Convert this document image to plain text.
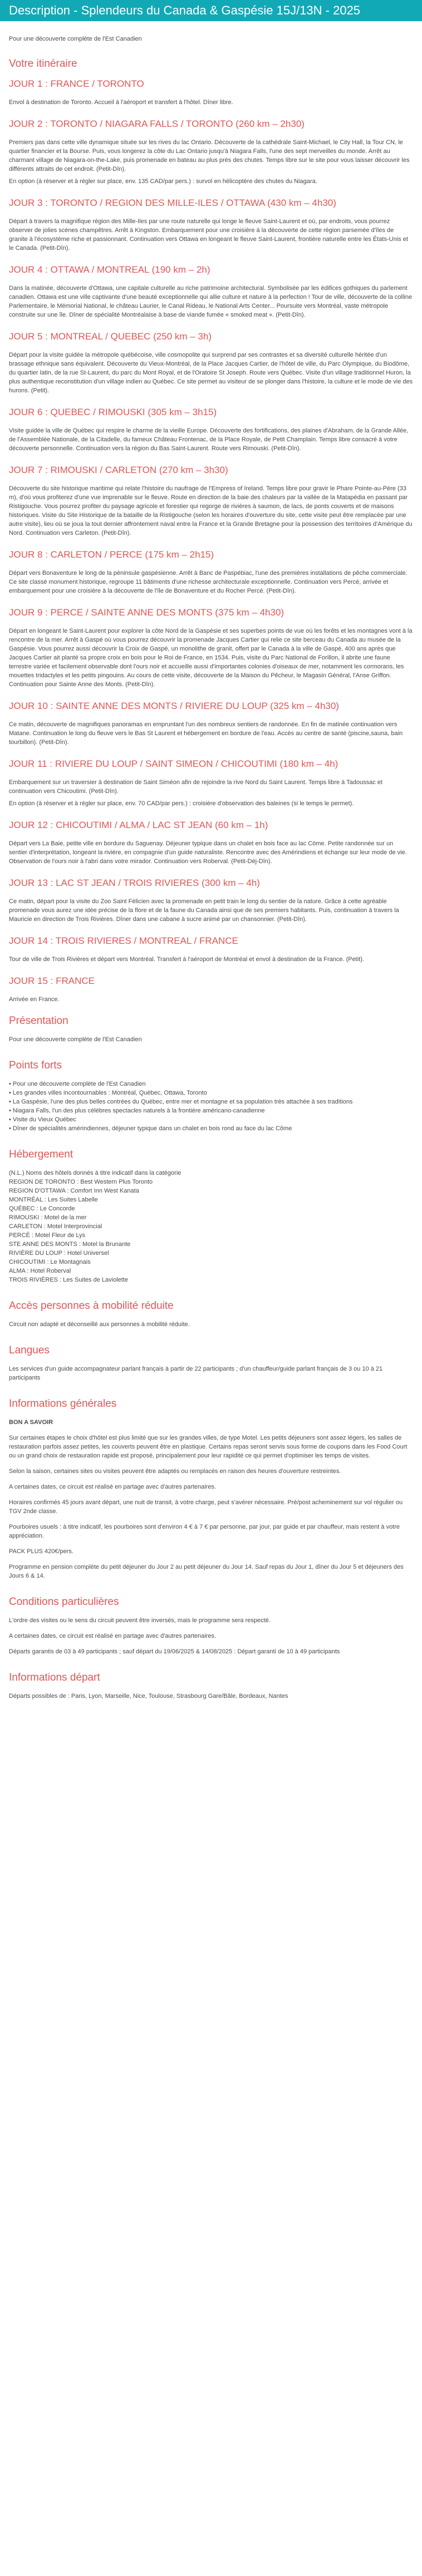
Description - Splendeurs du Canada & Gaspésie 15J/13N - 2025

Pour une découverte complète de l'Est Canadien

Votre itinéraire
JOUR 1 : FRANCE / TORONTO

Envol à destination de Toronto. Accueil à l'aéroport et transfert à l'hôtel. Dîner libre.

JOUR 2 : TORONTO / NIAGARA FALLS / TORONTO (260 km – 2h30)

Premiers pas dans cette ville dynamique située sur les rives du lac Ontario. Découverte de la cathédrale Saint-Michael, le City Hall, la Tour CN, le quartier financier et la Bourse. Puis, vous longerez la côte du Lac Ontario jusqu'à Niagara Falls, l'une des sept merveilles du monde. Arrêt au charmant village de Niagara-on-the-Lake, puis promenade en bateau au plus près des chutes. Temps libre sur le site pour vous laisser découvrir les différents attraits de cet endroit. (Petit-Dîn).

En option (à réserver et à régler sur place, env. 135 CAD/par pers.) : survol en hélicoptère des chutes du Niagara.

JOUR 3 : TORONTO / REGION DES MILLE-ILES / OTTAWA (430 km – 4h30)

Départ à travers la magnifique région des Mille-Iles par une route naturelle qui longe le fleuve Saint-Laurent et où, par endroits, vous pourrez observer de jolies scènes champêtres. Arrêt à Kingston. Embarquement pour une croisière à la découverte de cette région parsemée d'îles de granite à l'écosystème riche et passionnant. Continuation vers Ottawa en longeant le fleuve Saint-Laurent, frontière naturelle entre les États-Unis et le Canada. (Petit-Dîn).

JOUR 4 : OTTAWA / MONTREAL (190 km – 2h)

Dans la matinée, découverte d'Ottawa, une capitale culturelle au riche patrimoine architectural. Symbolisée par les édifices gothiques du parlement canadien. Ottawa est une ville captivante d'une beauté exceptionnelle qui allie culture et nature à la perfection ! Tour de ville, découverte de la colline Parlementaire, le Mémorial National, le château Laurier, le Canal Rideau, le National Arts Center... Poursuite vers Montréal, vaste métropole construite sur une île. Dîner de spécialité Montréalaise à base de viande fumée « smoked meat ». (Petit-Dîn).

JOUR 5 : MONTREAL / QUEBEC (250 km – 3h)

Départ pour la visite guidée la métropole québécoise, ville cosmopolite qui surprend par ses contrastes et sa diversité culturelle héritée d'un brassage ethnique sans équivalent. Découverte du Vieux-Montréal, de la Place Jacques Cartier, de l'hôtel de ville, du Parc Olympique, du Biodôme, du quartier latin, de la rue St-Laurent, du parc du Mont Royal, et de l'Oratoire St Joseph. Route vers Québec. Visite d'un village traditionnel Huron, la plus authentique reconstitution d'un village indien au Québec. Ce site permet au visiteur de se plonger dans l'histoire, la culture et le mode de vie des hurons. (Petit).

JOUR 6 : QUEBEC / RIMOUSKI (305 km – 3h15)

Visite guidée la ville de Québec qui respire le charme de la vieille Europe. Découverte des fortifications, des plaines d'Abraham, de la Grande Allée, de l'Assemblée Nationale, de la Citadelle, du fameux Château Frontenac, de la Place Royale, de Petit Champlain. Temps libre consacré à votre découverte personnelle. Continuation vers la région du Bas Saint-Laurent. Route vers Rimouski. (Petit-Dîn).

JOUR 7 : RIMOUSKI / CARLETON (270 km – 3h30)

Découverte du site historique maritime qui relate l'histoire du naufrage de l'Empress of Ireland. Temps libre pour gravir le Phare Pointe-au-Père (33 m), d'où vous profiterez d'une vue imprenable sur le fleuve. Route en direction de la baie des chaleurs par la vallée de la Matapédia en passant par Ristigouche. Vous pourrez profiter du paysage agricole et forestier qui regorge de rivières à saumon, de lacs, de ponts couverts et de maisons historiques. Visite du Site Historique de la bataille de la Ristigouche (selon les horaires d'ouverture du site, cette visite peut être remplacée par une autre visite), lieu où se joua la tout dernier affrontement naval entre la France et la Grande Bretagne pour la possession des territoires d'Amérique du Nord. Continuation vers Carleton. (Petit-Dîn).

JOUR 8 : CARLETON / PERCE (175 km – 2h15)

Départ vers Bonaventure le long de la péninsule gaspésienne. Arrêt à Banc de Paspébiac, l'une des premières installations de pêche commerciale. Ce site classé monument historique, regroupe 11 bâtiments d'une richesse architecturale exceptionnelle. Continuation vers Percé, arrivée et embarquement pour une croisière à la découverte de l'île de Bonaventure et du Rocher Percé. (Petit-Dîn).

JOUR 9 : PERCE / SAINTE ANNE DES MONTS (375 km – 4h30)

Départ en longeant le Saint-Laurent pour explorer la côte Nord de la Gaspésie et ses superbes points de vue où les forêts et les montagnes vont à la rencontre de la mer. Arrêt à Gaspé où vous pourrez découvrir la promenade Jacques Cartier qui relie ce site berceau du Canada au musée de la Gaspésie. Vous pourrez aussi découvrir la Croix de Gaspé, un monolithe de granit, offert par le Canada à la ville de Gaspé, 400 ans après que Jacques Cartier ait planté sa propre croix en bois pour le Roi de France, en 1534. Puis, visite du Parc National de Forillon, il abrite une faune terrestre variée et facilement observable dont l'ours noir et accueille aussi d'importantes colonies d'oiseaux de mer, notamment les cormorans, les mouettes tridactyles et les petits pingouins. Au cours de cette visite, découverte de la Maison du Pêcheur, le Magasin Général, l'Anse Griffon. Continuation pour Sainte Anne des Monts. (Petit-Dîn).

JOUR 10 : SAINTE ANNE DES MONTS / RIVIERE DU LOUP (325 km – 4h30)

Ce matin, découverte de magnifiques panoramas en empruntant l'un des nombreux sentiers de randonnée. En fin de matinée continuation vers Matane. Continuation le long du fleuve vers le Bas St Laurent et hébergement en bordure de l'eau. Accès au centre de santé (piscine,sauna, bain tourbillon). (Petit-Dîn).

JOUR 11 : RIVIERE DU LOUP / SAINT SIMEON / CHICOUTIMI (180 km – 4h)

Embarquement sur un traversier à destination de Saint Siméon afin de rejoindre la rive Nord du Saint Laurent. Temps libre à Tadoussac et continuation vers Chicoutimi. (Petit-Dîn).

En option (à réserver et à régler sur place, env. 70 CAD/par pers.) : croisière d'observation des baleines (si le temps le permet).

JOUR 12 : CHICOUTIMI / ALMA / LAC ST JEAN (60 km – 1h)

Départ vers La Baie, petite ville en bordure du Saguenay. Déjeuner typique dans un chalet en bois face au lac Cöme. Petite randonnée sur un sentier d'interprétation, longeant la rivière, en compagnie d'un guide naturaliste. Rencontre avec des Amérindiens et échange sur leur mode de vie. Observation de l'ours noir à l'abri dans votre mirador. Continuation vers Roberval. (Petit-Déj-Dîn).

JOUR 13 : LAC ST JEAN / TROIS RIVIERES (300 km – 4h)

Ce matin, départ pour la visite du Zoo Saint Félicien avec la promenade en petit train le long du sentier de la nature. Grâce à cette agréable promenade vous aurez une idée précise de la flore et de la faune du Canada ainsi que de ses premiers habitants. Puis, continuation à travers la Mauricie en direction de Trois Rivières. Dîner dans une cabane à sucre animé par un chansonnier. (Petit-Dîn).

JOUR 14 : TROIS RIVIERES / MONTREAL / FRANCE

Tour de ville de Trois Rivières et départ vers Montréal. Transfert à l'aéroport de Montréal et envol à destination de la France. (Petit).

JOUR 15 : FRANCE

Arrivée en France.

Présentation

Pour une découverte complète de l'Est Canadien

Points forts
• Pour une découverte complète de l'Est Canadien
• Les grandes villes incontournables : Montréal, Québec, Ottawa, Toronto
• La Gaspésie, l'une des plus belles contrées du Québec, entre mer et montagne et sa population très attachée à ses traditions
• Niagara Falls, l'un des plus célèbres spectacles naturels à la frontière américano-canadienne
• Visite du Vieux Québec
• Dîner de spécialités amérindiennes, déjeuner typique dans un chalet en bois rond au face du lac Côme
Hébergement

(N.L.) Noms des hôtels donnés à titre indicatif dans la catégorie

REGION DE TORONTO : Best Western Plus Toronto
REGION D'OTTAWA : Comfort Inn West Kanata
MONTRÉAL : Les Suites Labelle
QUÉBEC : Le Concorde
RIMOUSKI : Motel de la mer
CARLETON : Motel Interprovincial
PERCÉ : Motel Fleur de Lys
STE ANNE DES MONTS : Motel la Brunante
RIVIÈRE DU LOUP : Hotel Universel
CHICOUTIMI : Le Montagnais
ALMA : Hotel Roberval
TROIS RIVIÈRES : Les Suites de Laviolette
Accès personnes à mobilité réduite

Circuit non adapté et déconseillé aux personnes à mobilité réduite.

Langues

Les services d'un guide accompagnateur parlant français à partir de 22 participants ; d'un chauffeur/guide parlant français de 3 ou 10 à 21 participants

Informations générales

BON A SAVOIR

Sur certaines étapes le choix d'hôtel est plus limité que sur les grandes villes, de type Motel. Les petits déjeuners sont assez légers, les salles de restauration parfois assez petites, les couverts peuvent être en plastique. Certains repas seront servis sous forme de coupons dans les Food Court ou un grand choix de restauration rapide est proposé, principalement pour leur rapidité ce qui permet d'optimiser les temps de visites.

Selon la saison, certaines sites ou visites peuvent être adaptés ou remplacés en raison des heures d'ouverture restreintes.

A certaines dates, ce circuit est réalisé en partage avec d'autres partenaires.

Horaires confirmés 45 jours avant départ, une nuit de transit, à votre charge, peut s'avérer nécessaire. Pré/post acheminement sur vol régulier ou TGV 2nde classe.

Pourboires usuels : à titre indicatif, les pourboires sont d'environ 4 € à 7 € par personne, par jour, par guide et par chauffeur, mais restent à votre appréciation.

PACK PLUS 420€/pers.

Programme en pension complète du petit déjeuner du Jour 2 au petit déjeuner du Jour 14. Sauf repas du Jour 1, dîner du Jour 5 et déjeuners des Jours 6 & 14.

Conditions particulières

L'ordre des visites ou le sens du circuit peuvent être inversés, mais le programme sera respecté.

A certaines dates, ce circuit est réalisé en partage avec d'autres partenaires.

Départs garantis de 03 à 49 participants ; sauf départ du 19/06/2025 & 14/08/2025 : Départ garanti de 10 à 49 participants

Informations départ

Départs possibles de : Paris, Lyon, Marseille, Nice, Toulouse, Strasbourg Gare/Bâle, Bordeaux, Nantes
